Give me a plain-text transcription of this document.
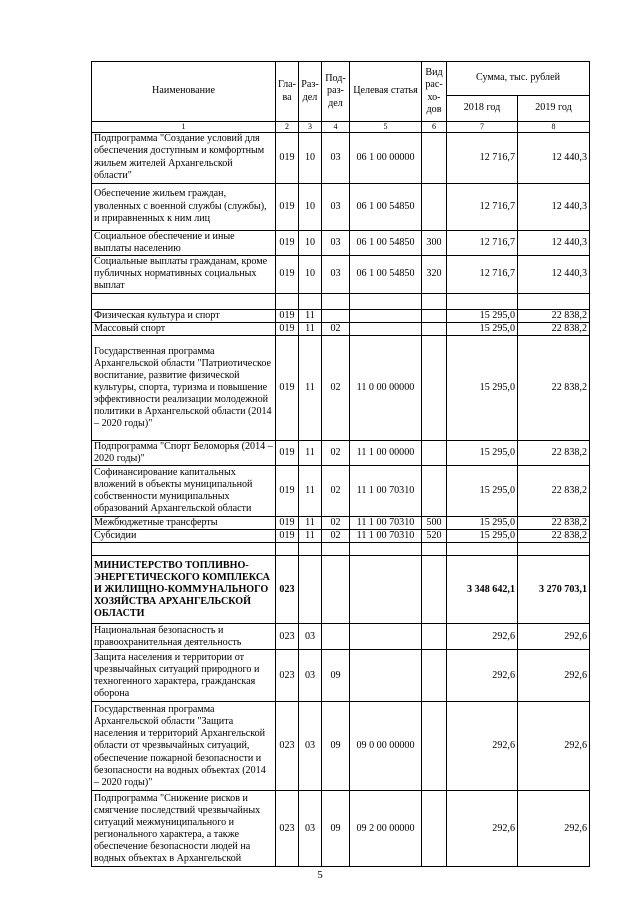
Наименование	Гла-ва	Раз-дел	Под-раз-дел	Целевая статья	Вид рас-хо-дов	Сумма, тыс. рублей	
						2018 год	2019 год
1	2	3	4	5	6	7	8
Подпрограмма "Создание условий для обеспечения доступным и комфортным жильем жителей Архангельской области"	019	10	03	06 1 00 00000		12 716,7	12 440,3
Обеспечение жильем граждан, уволенных с военной службы (службы), и приравненных к ним лиц	019	10	03	06 1 00 54850		12 716,7	12 440,3
Социальное обеспечение и иные выплаты населению	019	10	03	06 1 00 54850	300	12 716,7	12 440,3
Социальные выплаты гражданам, кроме публичных нормативных социальных выплат	019	10	03	06 1 00 54850	320	12 716,7	12 440,3

Физическая культура и спорт	019	11				15 295,0	22 838,2
Массовый спорт	019	11	02			15 295,0	22 838,2
Государственная программа Архангельской области "Патриотическое воспитание, развитие физической культуры, спорта, туризма и повышение эффективности реализации молодежной политики в Архангельской области (2014 – 2020 годы)"	019	11	02	11 0 00 00000		15 295,0	22 838,2
Подпрограмма "Спорт Беломорья (2014 – 2020 годы)"	019	11	02	11 1 00 00000		15 295,0	22 838,2
Софинансирование капитальных вложений в объекты муниципальной собственности муниципальных образований Архангельской области	019	11	02	11 1 00 70310		15 295,0	22 838,2
Межбюджетные трансферты	019	11	02	11 1 00 70310	500	15 295,0	22 838,2
Субсидии	019	11	02	11 1 00 70310	520	15 295,0	22 838,2

МИНИСТЕРСТВО ТОПЛИВНО-ЭНЕРГЕТИЧЕСКОГО КОМПЛЕКСА И ЖИЛИЩНО-КОММУНАЛЬНОГО ХОЗЯЙСТВА АРХАНГЕЛЬСКОЙ ОБЛАСТИ	023					3 348 642,1	3 270 703,1
Национальная безопасность и правоохранительная деятельность	023	03				292,6	292,6
Защита населения и территории от чрезвычайных ситуаций природного и техногенного характера, гражданская оборона	023	03	09			292,6	292,6
Государственная программа Архангельской области "Защита населения и территорий Архангельской области от чрезвычайных ситуаций, обеспечение пожарной безопасности и безопасности на водных объектах (2014 – 2020 годы)"	023	03	09	09 0 00 00000		292,6	292,6
Подпрограмма "Снижение рисков и смягчение последствий чрезвычайных ситуаций межмуниципального и регионального характера, а также обеспечение безопасности людей на водных объектах в Архангельской	023	03	09	09 2 00 00000		292,6	292,6
5
